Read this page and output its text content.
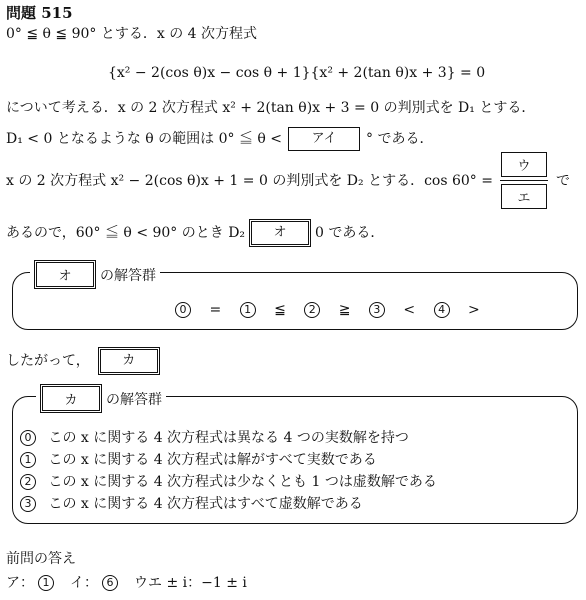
問題 515
0° ≦ θ ≦ 90° とする．x の 4 次方程式
{x² − 2(cos θ)x − cos θ + 1}{x² + 2(tan θ)x + 3} = 0
について考える．x の 2 次方程式 x² + 2(tan θ)x + 3 = 0 の判別式を D₁ とする．
D₁ < 0 となるような θ の範囲は 0° ≦ θ <	アイ	° である．
x の 2 次方程式 x² − 2(cos θ)x + 1 = 0 の判別式を D₂ とする．cos 60° =
ウ
エ
で
あるので，60° ≦ θ < 90° のとき D₂	オ	0 である．
オ	の解答群
0 = 1 ≦ 2 ≧ 3 < 4 >
したがって，	カ
カ	の解答群
0 この x に関する 4 次方程式は異なる 4 つの実数解を持つ
1 この x に関する 4 次方程式は解がすべて実数である
2 この x に関する 4 次方程式は少なくとも 1 つは虚数解である
3 この x に関する 4 次方程式はすべて虚数解である
前問の答え
ア： 1	イ： 6	ウエ ± i：−1 ± i
